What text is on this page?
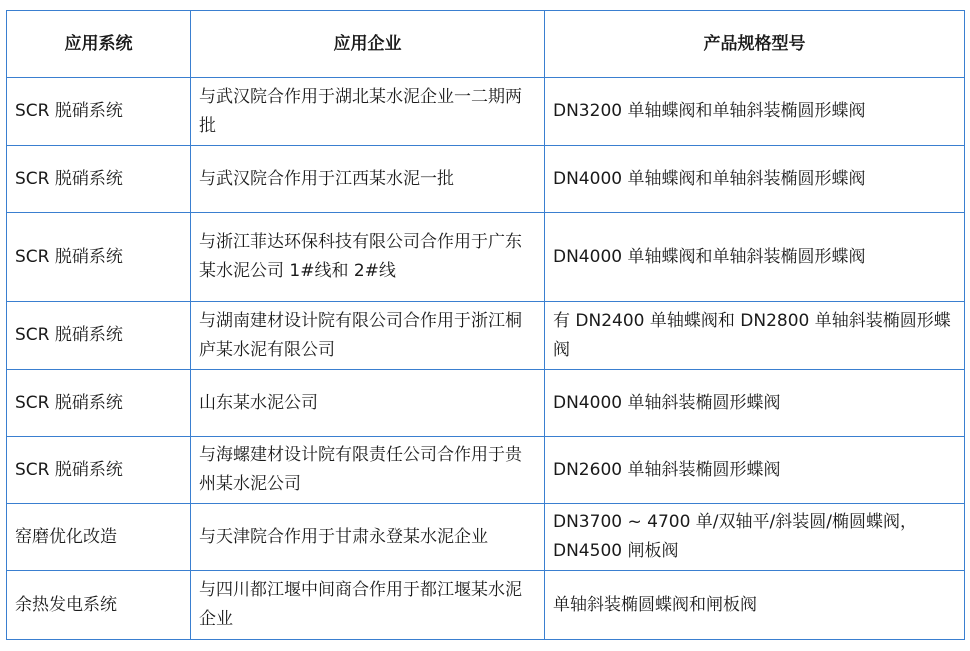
应用系统	应用企业	产品规格型号
SCR 脱硝系统	与武汉院合作用于湖北某水泥企业一二期两批	DN3200 单轴蝶阀和单轴斜装椭圆形蝶阀
SCR 脱硝系统	与武汉院合作用于江西某水泥一批	DN4000 单轴蝶阀和单轴斜装椭圆形蝶阀
SCR 脱硝系统	与浙江菲达环保科技有限公司合作用于广东某水泥公司 1#线和 2#线	DN4000 单轴蝶阀和单轴斜装椭圆形蝶阀
SCR 脱硝系统	与湖南建材设计院有限公司合作用于浙江桐庐某水泥有限公司	有 DN2400 单轴蝶阀和 DN2800 单轴斜装椭圆形蝶阀
SCR 脱硝系统	山东某水泥公司	DN4000 单轴斜装椭圆形蝶阀
SCR 脱硝系统	与海螺建材设计院有限责任公司合作用于贵州某水泥公司	DN2600 单轴斜装椭圆形蝶阀
窑磨优化改造	与天津院合作用于甘肃永登某水泥企业	DN3700 ~ 4700 单/双轴平/斜装圆/椭圆蝶阀，DN4500 闸板阀
余热发电系统	与四川都江堰中间商合作用于都江堰某水泥企业	单轴斜装椭圆蝶阀和闸板阀
